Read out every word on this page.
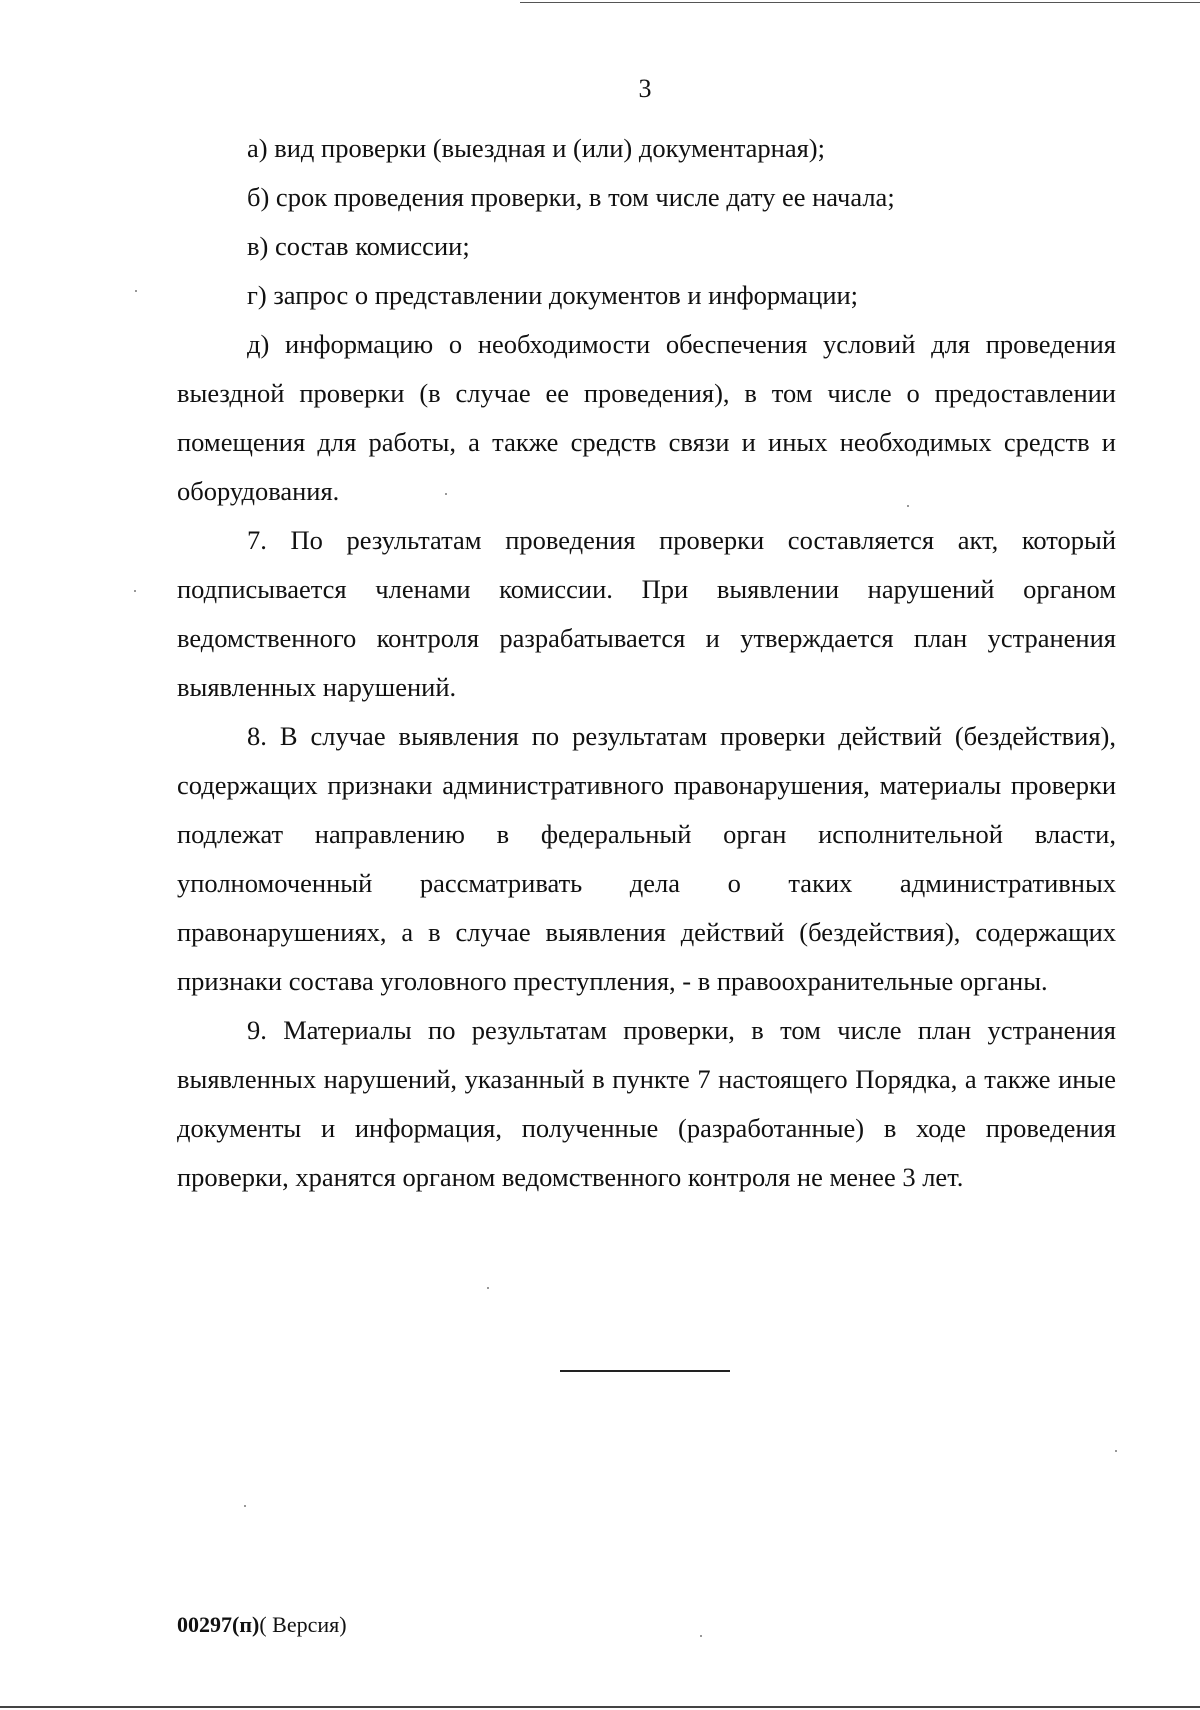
3

а) вид проверки (выездная и (или) документарная);

б) срок проведения проверки, в том числе дату ее начала;

в) состав комиссии;

г) запрос о представлении документов и информации;

д) информацию о необходимости обеспечения условий для проведения выездной проверки (в случае ее проведения), в том числе о предоставлении помещения для работы, а также средств связи и иных необходимых средств и оборудования.

7. По результатам проведения проверки составляется акт, который подписывается членами комиссии. При выявлении нарушений органом ведомственного контроля разрабатывается и утверждается план устранения выявленных нарушений.

8. В случае выявления по результатам проверки действий (бездействия), содержащих признаки административного правонарушения, материалы проверки подлежат направлению в федеральный орган исполнительной власти, уполномоченный рассматривать дела о таких административных правонарушениях, а в случае выявления действий (бездействия), содержащих признаки состава уголовного преступления, - в правоохранительные органы.

9. Материалы по результатам проверки, в том числе план устранения выявленных нарушений, указанный в пункте 7 настоящего Порядка, а также иные документы и информация, полученные (разработанные) в ходе проведения проверки, хранятся органом ведомственного контроля не менее 3 лет.

00297(п)( Версия)
